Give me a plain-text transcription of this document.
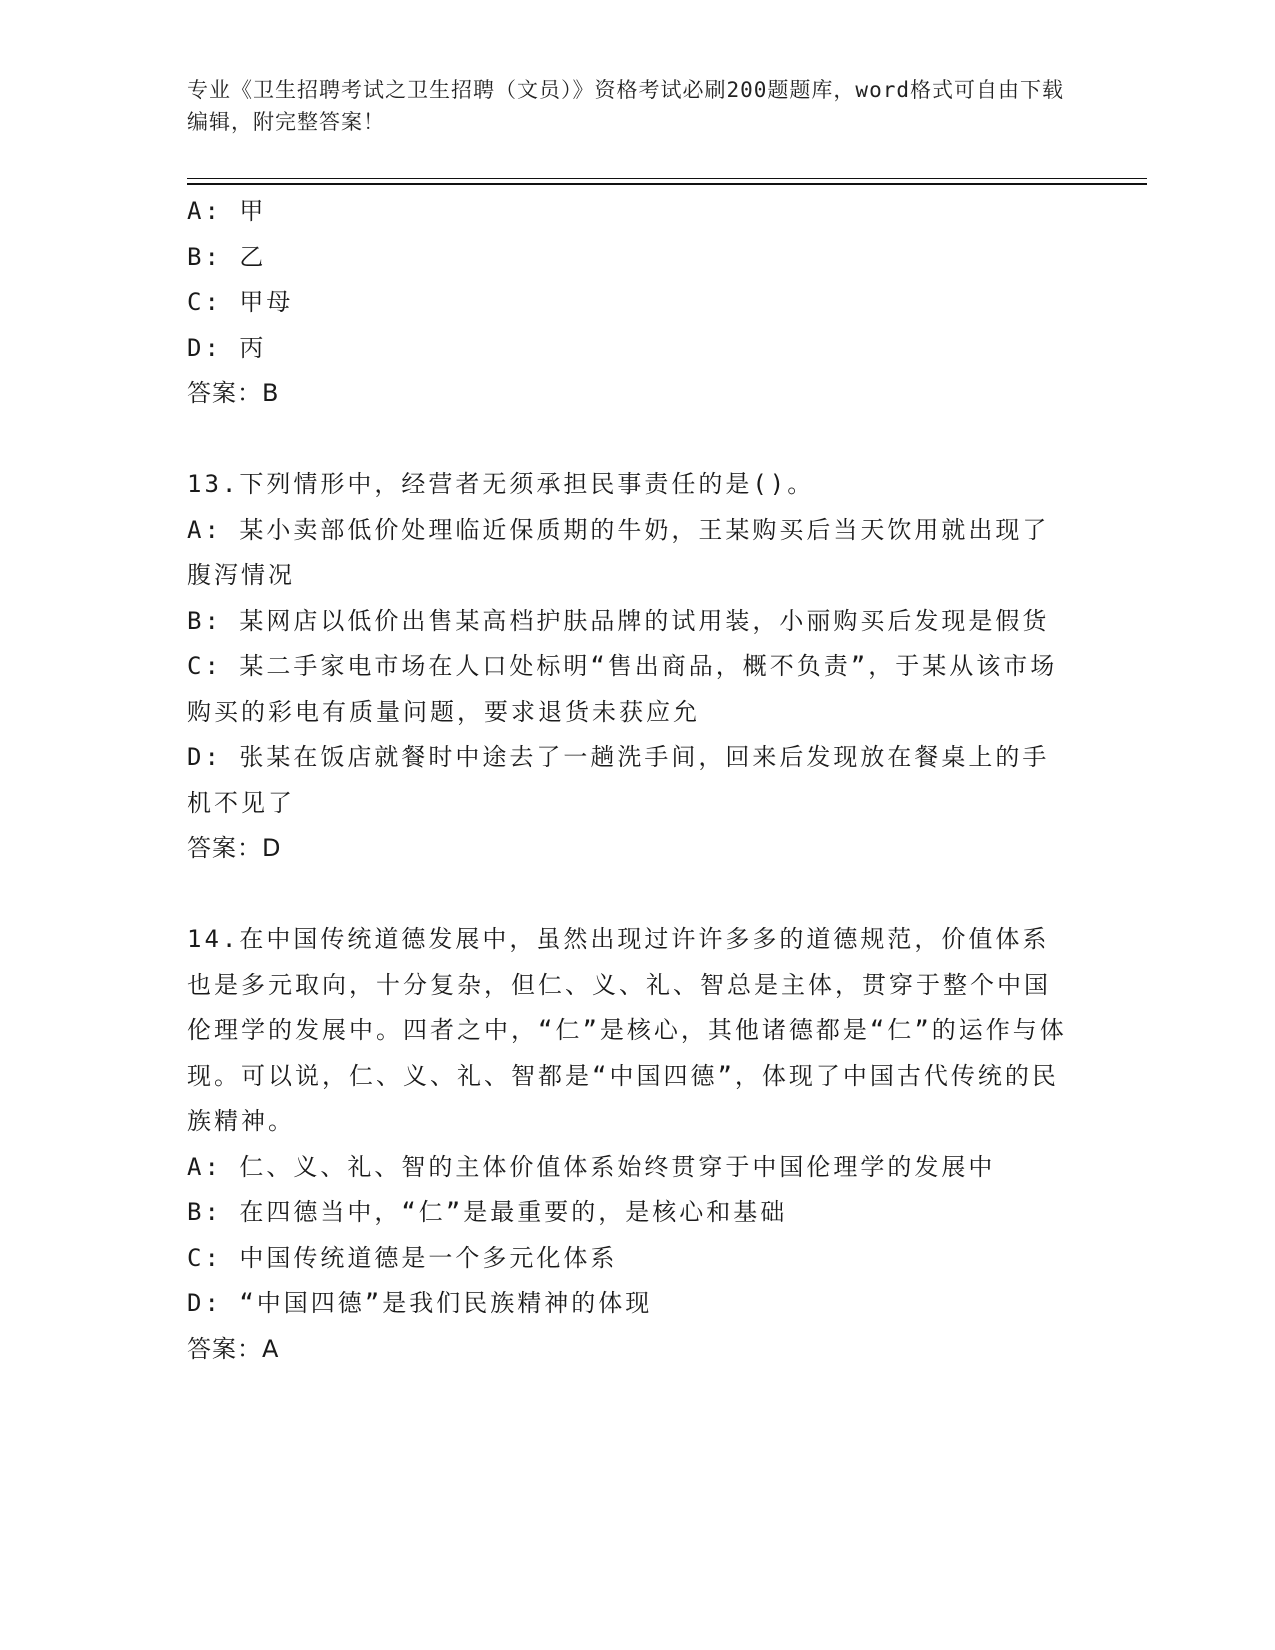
专业《卫生招聘考试之卫生招聘（文员）》资格考试必刷200题题库，word格式可自由下载编辑，附完整答案！
A: 甲
B: 乙
C: 甲母
D: 丙
答案：B
13.下列情形中，经营者无须承担民事责任的是()。
A: 某小卖部低价处理临近保质期的牛奶，王某购买后当天饮用就出现了腹泻情况
B: 某网店以低价出售某高档护肤品牌的试用装，小丽购买后发现是假货
C: 某二手家电市场在人口处标明“售出商品，概不负责”，于某从该市场购买的彩电有质量问题，要求退货未获应允
D: 张某在饭店就餐时中途去了一趟洗手间，回来后发现放在餐桌上的手机不见了
答案：D
14.在中国传统道德发展中，虽然出现过许许多多的道德规范，价值体系也是多元取向，十分复杂，但仁、义、礼、智总是主体，贯穿于整个中国伦理学的发展中。四者之中，“仁”是核心，其他诸德都是“仁”的运作与体现。可以说，仁、义、礼、智都是“中国四德”，体现了中国古代传统的民族精神。
A: 仁、义、礼、智的主体价值体系始终贯穿于中国伦理学的发展中
B: 在四德当中，“仁”是最重要的，是核心和基础
C: 中国传统道德是一个多元化体系
D: “中国四德”是我们民族精神的体现
答案：A
